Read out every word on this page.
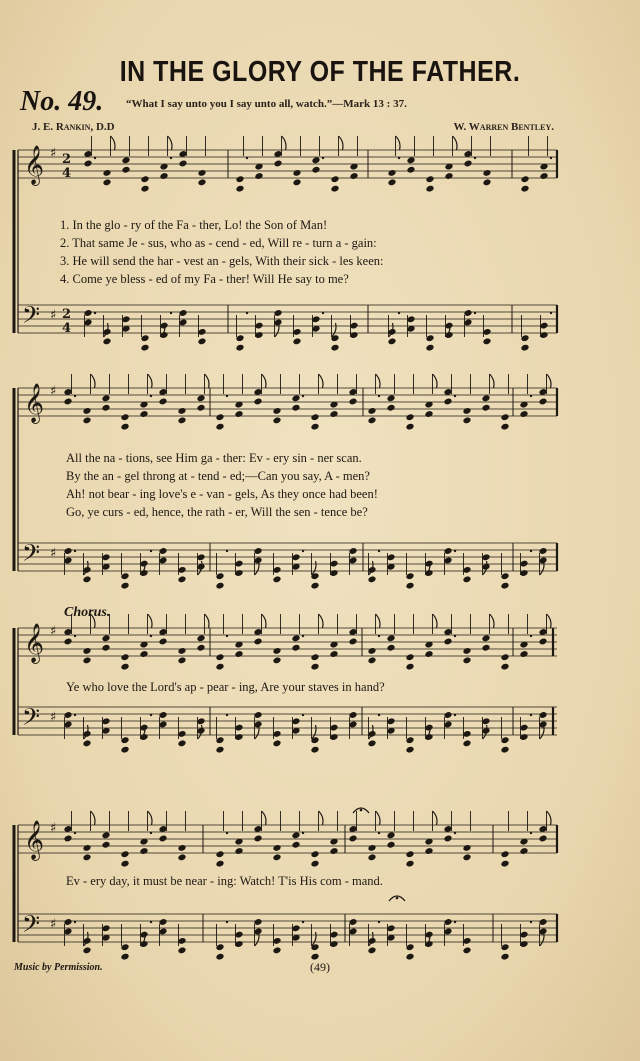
IN THE GLORY OF THE FATHER.
No. 49. “What I say unto you I say unto all, watch.”—Mark 13 : 37.
J. E. Rankin, D.D	W. Warren Bentley.
𝄞 ♯ 2
4
𝄢 ♯ 2
4
𝄞 ♯
𝄢 ♯
𝄞 ♯
𝄢 ♯
𝄞 ♯
𝄢 ♯
1. In the glo - ry of the Fa - ther, Lo! the Son of Man!
2. That same Je - sus, who as - cend - ed, Will re - turn a - gain:
3. He will send the har - vest an - gels, With their sick - les keen:
4. Come ye bless - ed of my Fa - ther! Will He say to me?
All the na - tions, see Him ga - ther: Ev - ery sin - ner scan.
By the an - gel throng at - tend - ed;—Can you say, A - men?
Ah! not bear - ing love's e - van - gels, As they once had been!
Go, ye curs - ed, hence, the rath - er, Will the sen - tence be?
Chorus.
Ye who love the Lord's ap - pear - ing, Are your staves in hand?
Ev - ery day, it must be near - ing: Watch! T'is His com - mand.
Music by Permission.	(49)
